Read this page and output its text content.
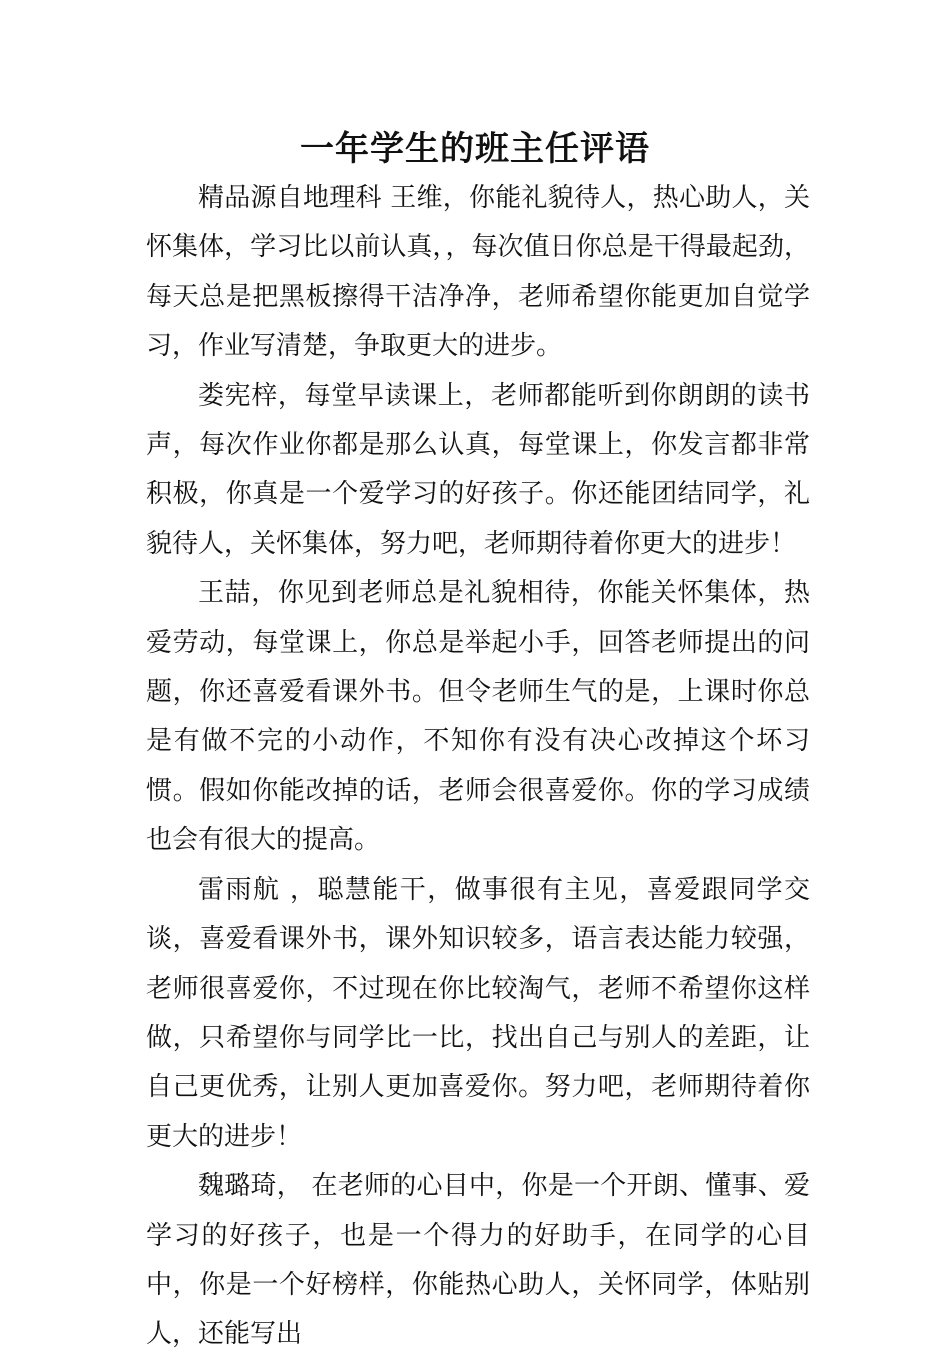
一年学生的班主任评语

精品源自地理科 王维，你能礼貌待人，热心助人，关怀集体，学习比以前认真，，每次值日你总是干得最起劲，每天总是把黑板擦得干洁净净，老师希望你能更加自觉学习，作业写清楚，争取更大的进步。

娄宪梓，每堂早读课上，老师都能听到你朗朗的读书声，每次作业你都是那么认真，每堂课上，你发言都非常积极，你真是一个爱学习的好孩子。你还能团结同学，礼貌待人，关怀集体，努力吧，老师期待着你更大的进步！

王喆，你见到老师总是礼貌相待，你能关怀集体，热爱劳动，每堂课上，你总是举起小手，回答老师提出的问题，你还喜爱看课外书。但令老师生气的是，上课时你总是有做不完的小动作，不知你有没有决心改掉这个坏习惯。假如你能改掉的话，老师会很喜爱你。你的学习成绩也会有很大的提高。

雷雨航 ，聪慧能干，做事很有主见，喜爱跟同学交谈，喜爱看课外书，课外知识较多，语言表达能力较强，老师很喜爱你，不过现在你比较淘气，老师不希望你这样做，只希望你与同学比一比，找出自己与别人的差距，让自己更优秀，让别人更加喜爱你。努力吧，老师期待着你更大的进步！

魏璐琦， 在老师的心目中，你是一个开朗、懂事、爱学习的好孩子，也是一个得力的好助手，在同学的心目中，你是一个好榜样，你能热心助人，关怀同学，体贴别人，还能写出
